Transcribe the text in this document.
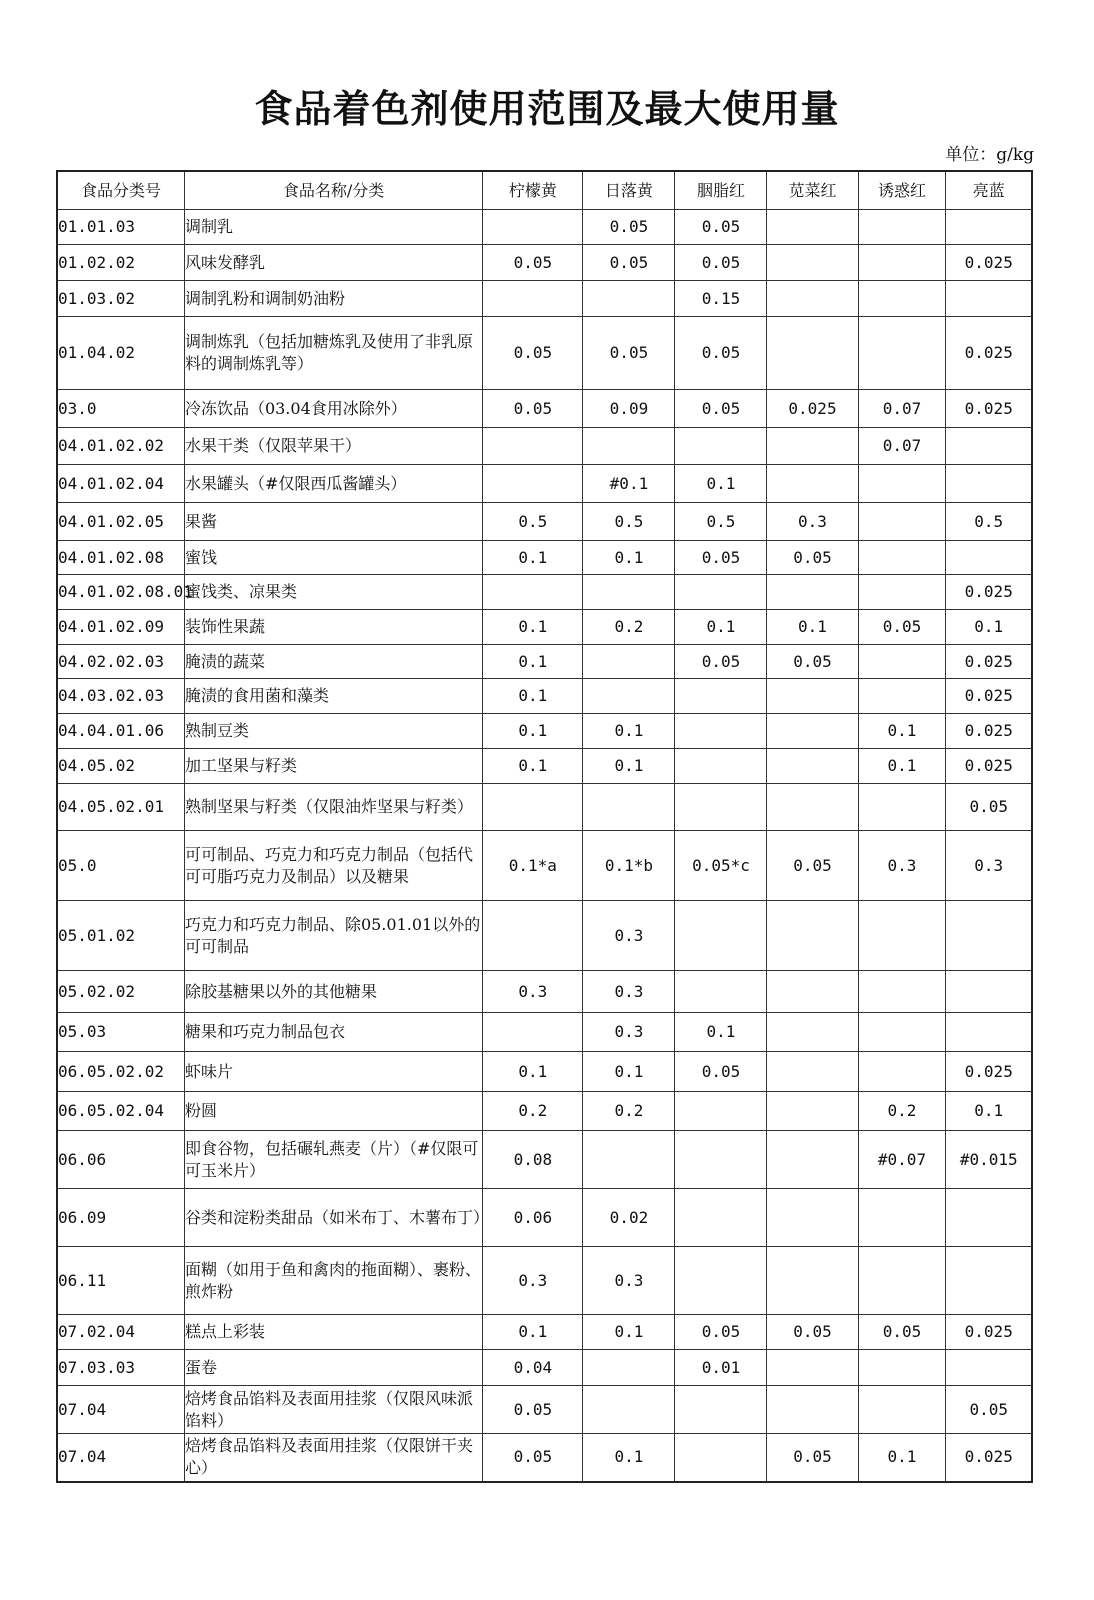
食品着色剂使用范围及最大使用量
单位：g/kg
食品分类号	食品名称/分类	柠檬黄	日落黄	胭脂红	苋菜红	诱惑红	亮蓝
01.01.03	调制乳		0.05	0.05			
01.02.02	风味发酵乳	0.05	0.05	0.05			0.025
01.03.02	调制乳粉和调制奶油粉			0.15			
01.04.02	调制炼乳（包括加糖炼乳及使用了非乳原料的调制炼乳等）	0.05	0.05	0.05			0.025
03.0	冷冻饮品（03.04食用冰除外）	0.05	0.09	0.05	0.025	0.07	0.025
04.01.02.02	水果干类（仅限苹果干）					0.07	
04.01.02.04	水果罐头（#仅限西瓜酱罐头）		#0.1	0.1			
04.01.02.05	果酱	0.5	0.5	0.5	0.3		0.5
04.01.02.08	蜜饯	0.1	0.1	0.05	0.05		
04.01.02.08.01	蜜饯类、凉果类						0.025
04.01.02.09	装饰性果蔬	0.1	0.2	0.1	0.1	0.05	0.1
04.02.02.03	腌渍的蔬菜	0.1		0.05	0.05		0.025
04.03.02.03	腌渍的食用菌和藻类	0.1					0.025
04.04.01.06	熟制豆类	0.1	0.1			0.1	0.025
04.05.02	加工坚果与籽类	0.1	0.1			0.1	0.025
04.05.02.01	熟制坚果与籽类（仅限油炸坚果与籽类）						0.05
05.0	可可制品、巧克力和巧克力制品（包括代可可脂巧克力及制品）以及糖果	0.1*a	0.1*b	0.05*c	0.05	0.3	0.3
05.01.02	巧克力和巧克力制品、除05.01.01以外的可可制品		0.3				
05.02.02	除胶基糖果以外的其他糖果	0.3	0.3				
05.03	糖果和巧克力制品包衣		0.3	0.1			
06.05.02.02	虾味片	0.1	0.1	0.05			0.025
06.05.02.04	粉圆	0.2	0.2			0.2	0.1
06.06	即食谷物，包括碾轧燕麦（片）（#仅限可可玉米片）	0.08				#0.07	#0.015
06.09	谷类和淀粉类甜品（如米布丁、木薯布丁）	0.06	0.02				
06.11	面糊（如用于鱼和禽肉的拖面糊）、裹粉、煎炸粉	0.3	0.3				
07.02.04	糕点上彩装	0.1	0.1	0.05	0.05	0.05	0.025
07.03.03	蛋卷	0.04		0.01			
07.04	焙烤食品馅料及表面用挂浆（仅限风味派馅料）	0.05					0.05
07.04	焙烤食品馅料及表面用挂浆（仅限饼干夹心）	0.05	0.1		0.05	0.1	0.025
